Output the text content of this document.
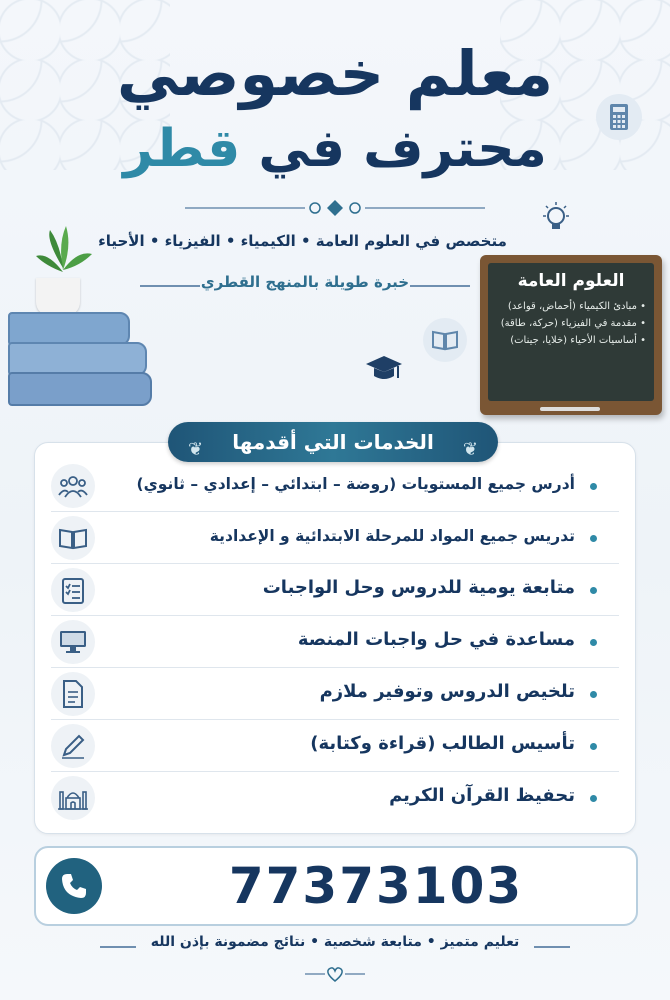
معلم خصوصي
محترف في قطر
متخصص في العلوم العامة • الكيمياء • الفيزياء • الأحياء
خبرة طويلة بالمنهج القطري	العلوم العامة
• مبادئ الكيمياء (أحماض، قواعد)
• مقدمة في الفيزياء (حركة، طاقة)
• أساسيات الأحياء (خلايا، جينات)
أدرس جميع المستويات (روضة – ابتدائي – إعدادي – ثانوي)
تدريس جميع المواد للمرحلة الابتدائية و الإعدادية
متابعة يومية للدروس وحل الواجبات
مساعدة في حل واجبات المنصة
تلخيص الدروس وتوفير ملازم
تأسيس الطالب (قراءة وكتابة)
تحفيظ القرآن الكريم
❦
الخدمات التي أقدمها
❦
77373103
تعليم متميز • متابعة شخصية • نتائج مضمونة بإذن الله
